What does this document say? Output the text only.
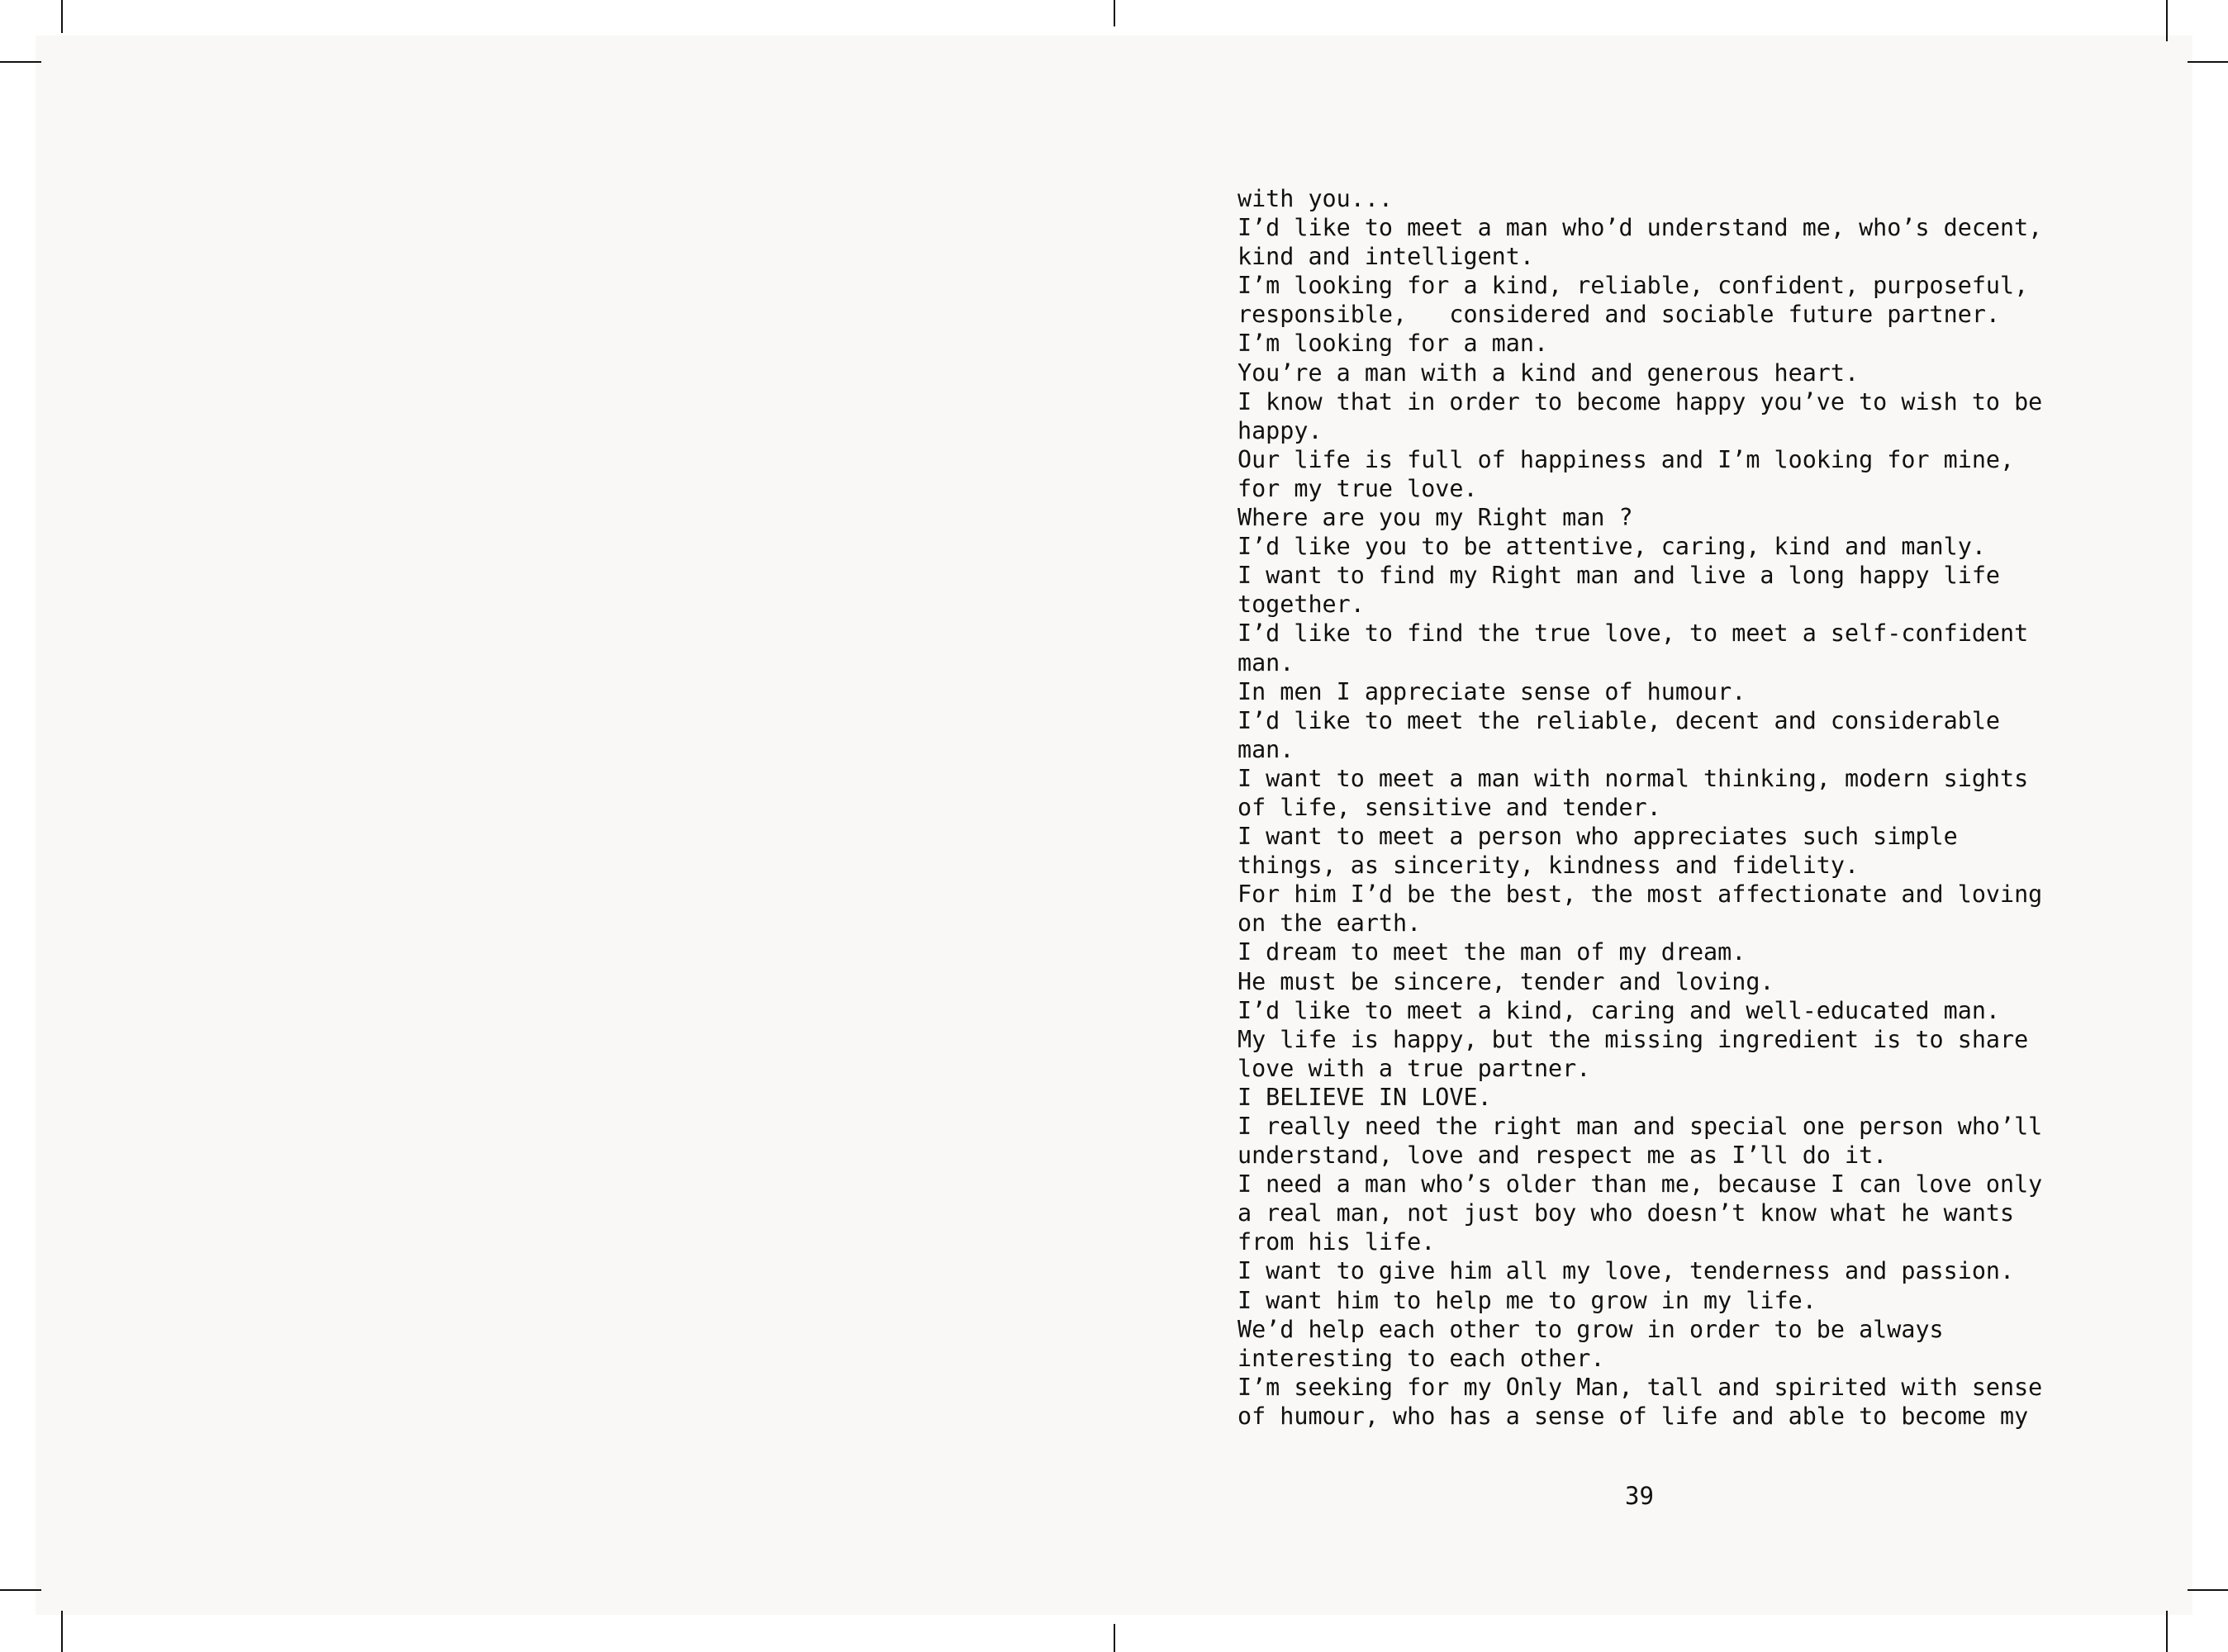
with you...
I’d like to meet a man who’d understand me, who’s decent,
kind and intelligent.
I’m looking for a kind, reliable, confident, purposeful,
responsible,   considered and sociable future partner.
I’m looking for a man.
You’re a man with a kind and generous heart.
I know that in order to become happy you’ve to wish to be
happy.
Our life is full of happiness and I’m looking for mine,
for my true love.
Where are you my Right man ?
I’d like you to be attentive, caring, kind and manly.
I want to find my Right man and live a long happy life
together.
I’d like to find the true love, to meet a self-confident
man.
In men I appreciate sense of humour.
I’d like to meet the reliable, decent and considerable
man.
I want to meet a man with normal thinking, modern sights
of life, sensitive and tender.
I want to meet a person who appreciates such simple
things, as sincerity, kindness and fidelity.
For him I’d be the best, the most affectionate and loving
on the earth.
I dream to meet the man of my dream.
He must be sincere, tender and loving.
I’d like to meet a kind, caring and well-educated man.
My life is happy, but the missing ingredient is to share
love with a true partner.
I BELIEVE IN LOVE.
I really need the right man and special one person who’ll
understand, love and respect me as I’ll do it.
I need a man who’s older than me, because I can love only
a real man, not just boy who doesn’t know what he wants
from his life.
I want to give him all my love, tenderness and passion.
I want him to help me to grow in my life.
We’d help each other to grow in order to be always
interesting to each other.
I’m seeking for my Only Man, tall and spirited with sense
of humour, who has a sense of life and able to become my
39
